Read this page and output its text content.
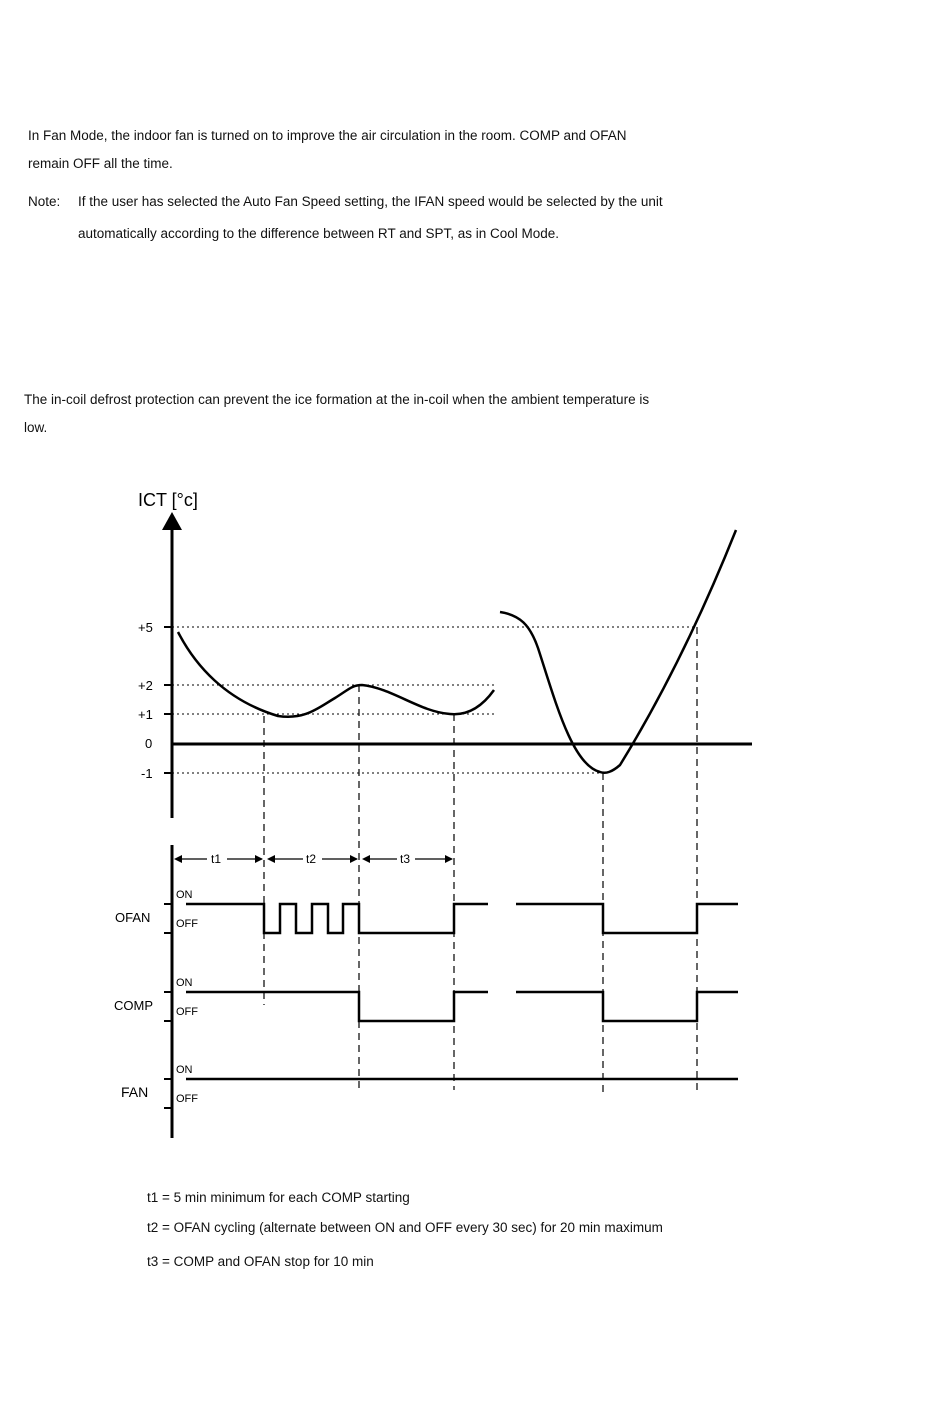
In Fan Mode, the indoor fan is turned on to improve the air circulation in the room. COMP and OFAN
remain OFF all the time.
Note: If the user has selected the Auto Fan Speed setting, the IFAN speed would be selected by the unit
automatically according to the difference between RT and SPT, as in Cool Mode.
The in-coil defrost protection can prevent the ice formation at the in-coil when the ambient temperature is
low.
ICT [°c]
+5
+2
+1
0
-1
t1	t2	t3
OFAN
COMP
FAN
ON
OFF
ON
OFF
ON
OFF
t1 = 5 min minimum for each COMP starting
t2 = OFAN cycling (alternate between ON and OFF every 30 sec) for 20 min maximum
t3 = COMP and OFAN stop for 10 min
